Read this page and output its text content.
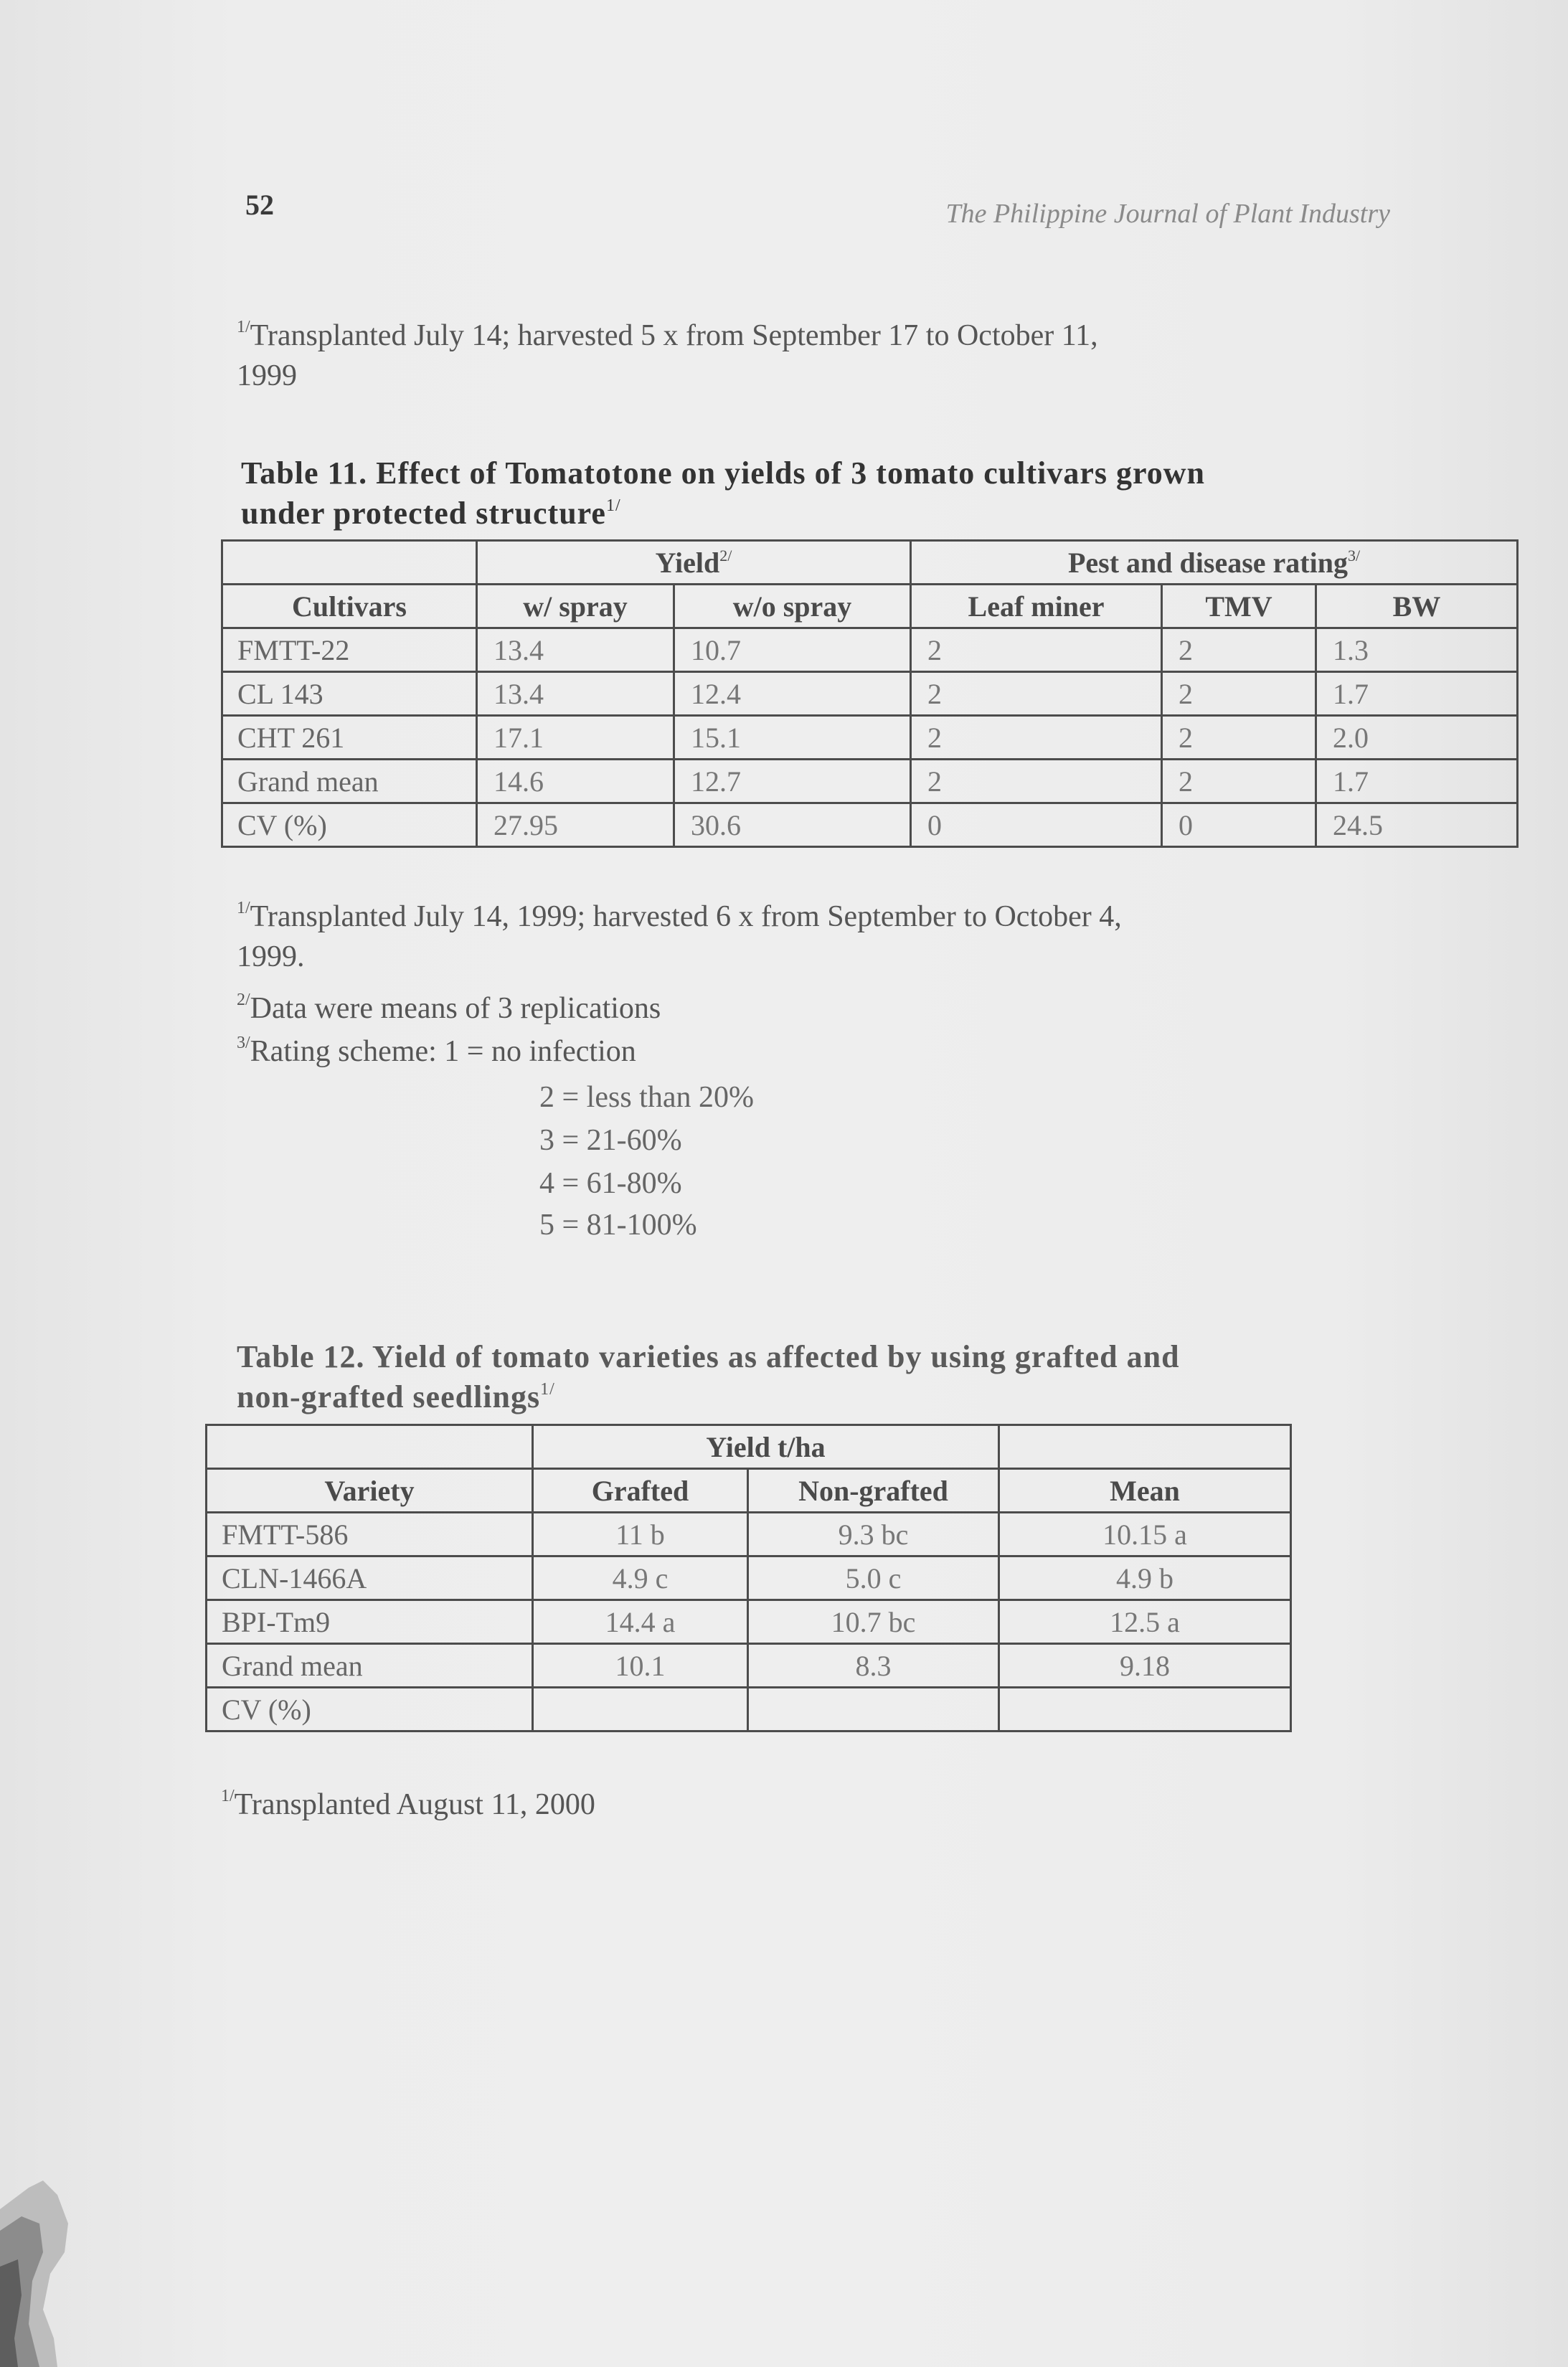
52	The Philippine Journal of Plant Industry
$^{1/}$Transplanted July 14; harvested 5 x from September 17 to October 11,
1999
Table 11. Effect of Tomatotone on yields of 3 tomato cultivars grown
under protected structure$^{1/}$
	Yield$^{2/}$		Pest and disease rating$^{3/}$
Cultivars	w/ spray	w/o spray	Leaf miner	TMV	BW
FMTT-22	13.4	10.7	2	2	1.3
CL 143	13.4	12.4	2	2	1.7
CHT 261	17.1	15.1	2	2	2.0
Grand mean	14.6	12.7	2	2	1.7
CV (%)	27.95	30.6	0	0	24.5
$^{1/}$Transplanted July 14, 1999; harvested 6 x from September to October 4,
1999.
$^{2/}$Data were means of 3 replications
$^{3/}$Rating scheme: 1 = no infection
2 = less than 20%
3 = 21-60%
4 = 61-80%
5 = 81-100%
Table 12. Yield of tomato varieties as affected by using grafted and
non-grafted seedlings$^{1/}$
	Yield t/ha		
Variety	Grafted	Non-grafted	Mean
FMTT-586	11 b	9.3 bc	10.15 a
CLN-1466A	4.9 c	5.0 c	4.9 b
BPI-Tm9	14.4 a	10.7 bc	12.5 a
Grand mean	10.1	8.3	9.18
CV (%)			
$^{1/}$Transplanted August 11, 2000
